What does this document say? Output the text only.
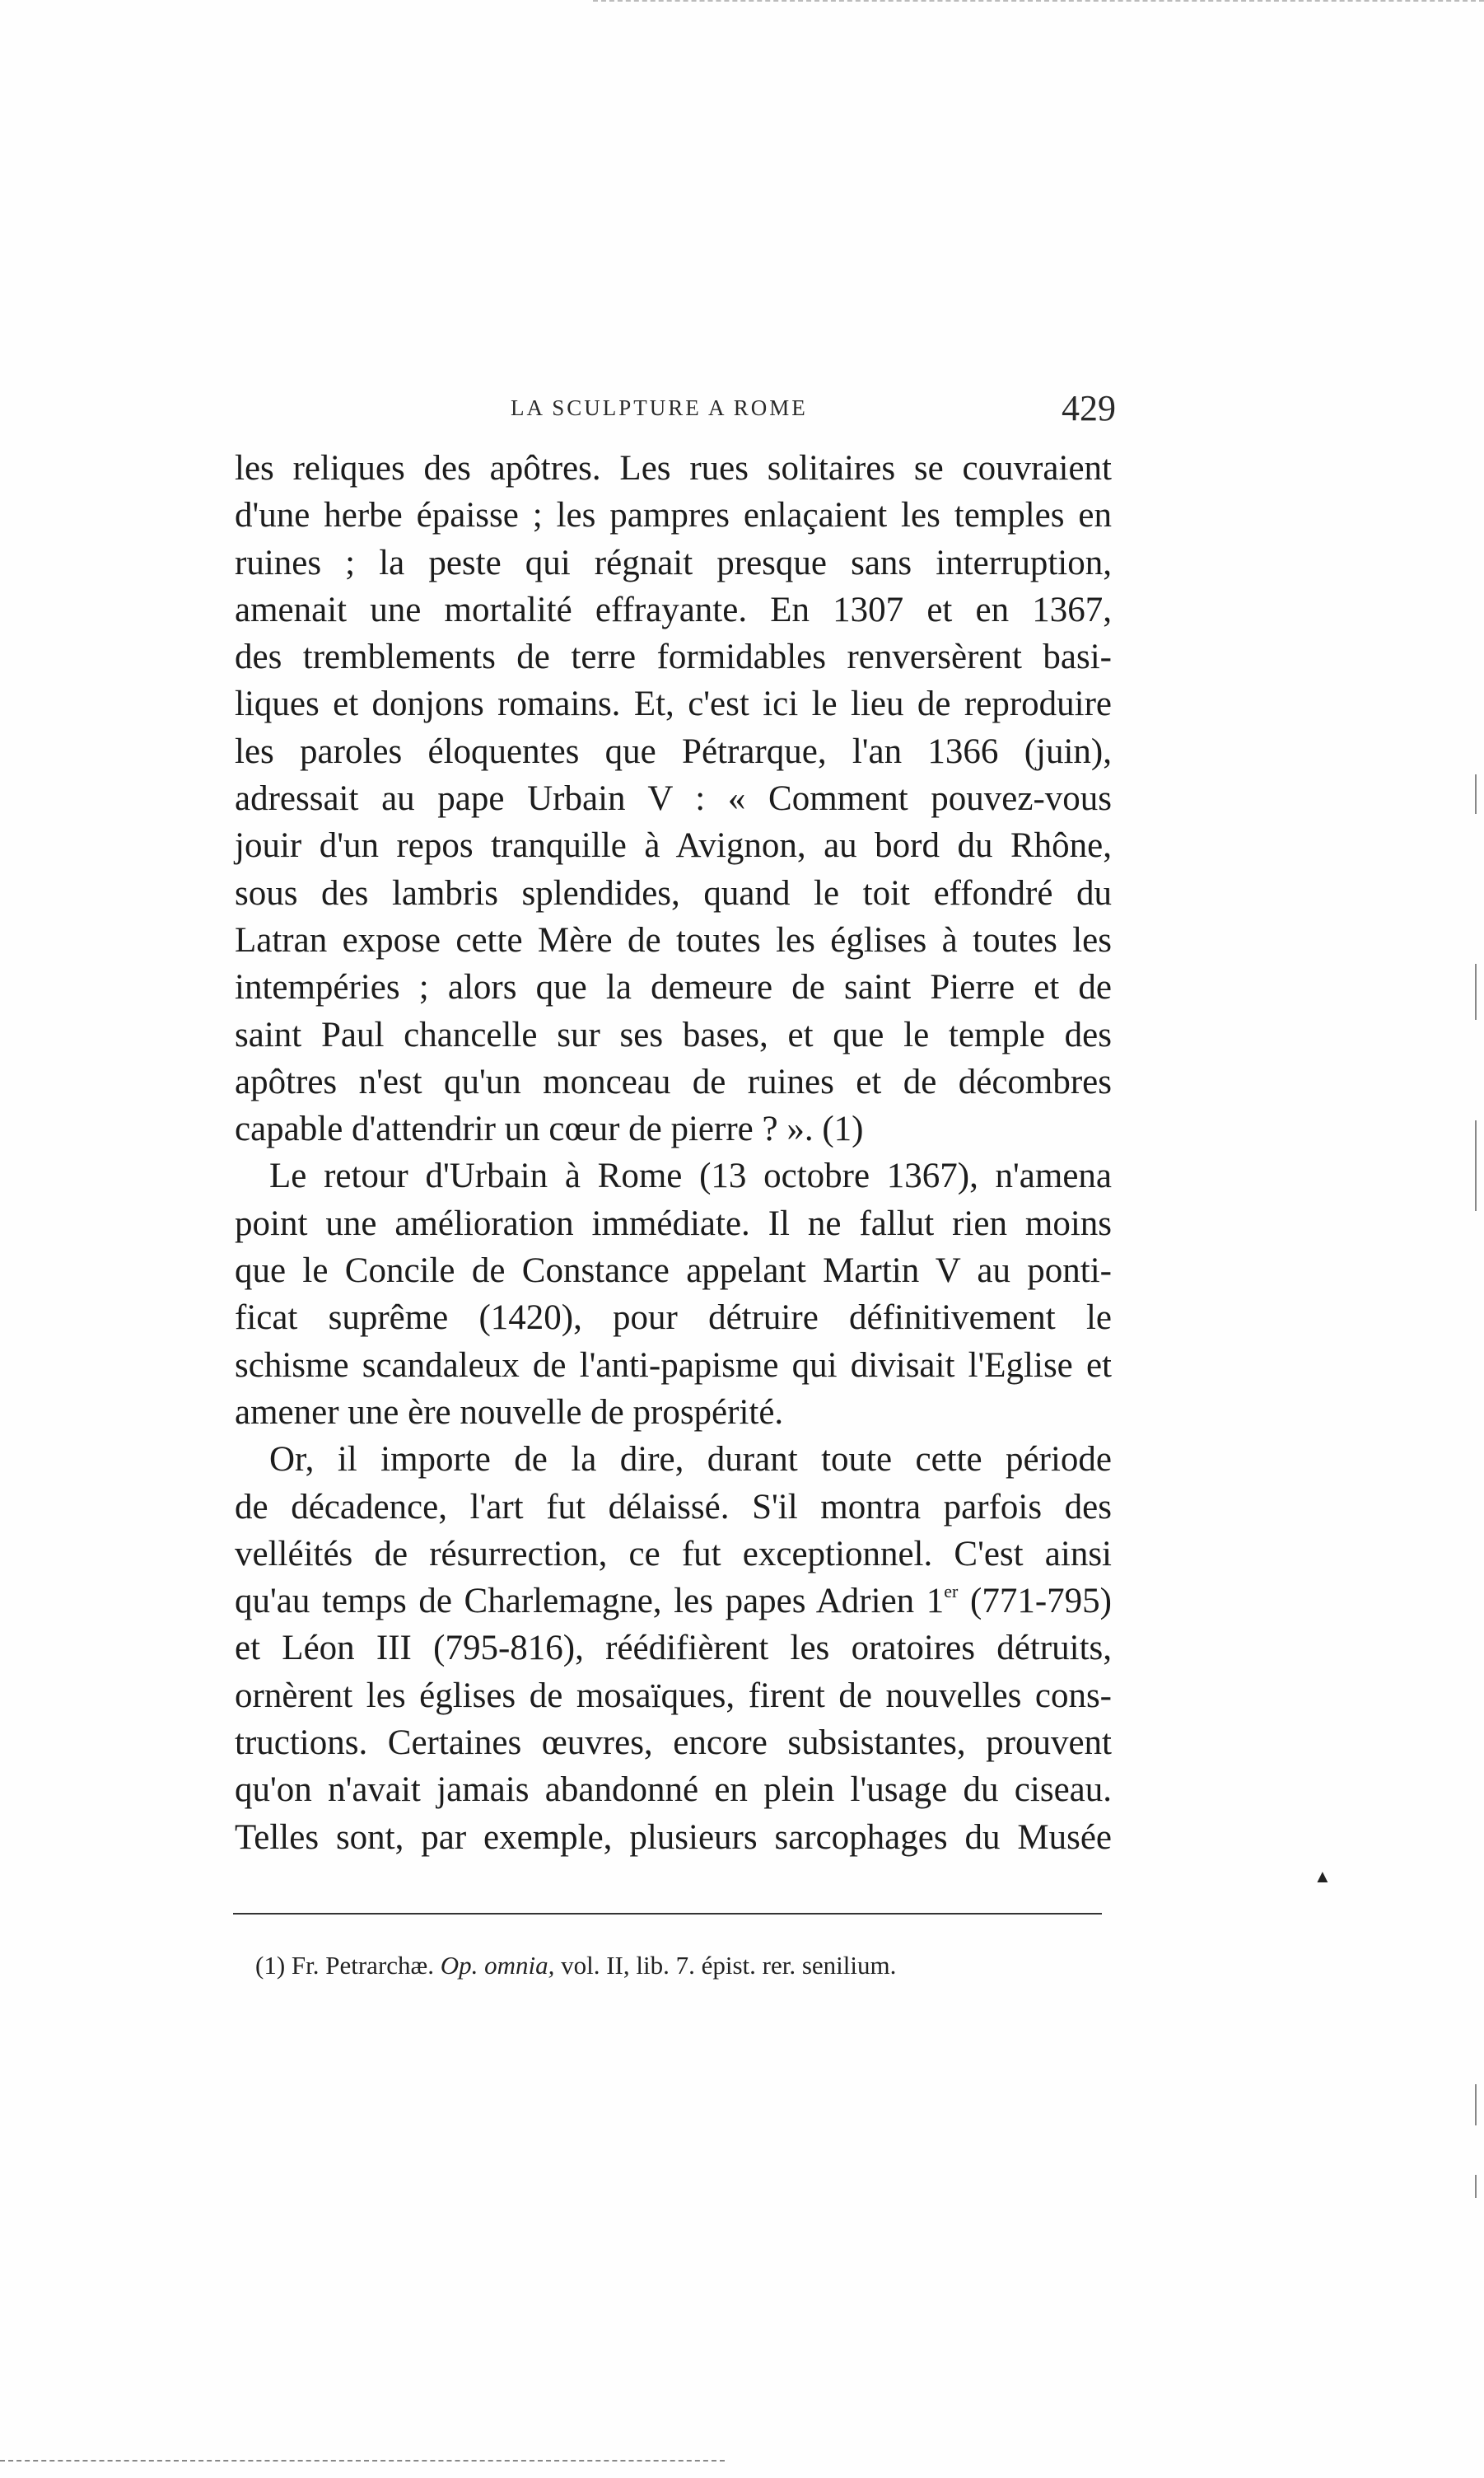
LA SCULPTURE A ROME	429
les reliques des apôtres. Les rues solitaires se couvraient
d'une herbe épaisse ; les pampres enlaçaient les temples en
ruines ; la peste qui régnait presque sans interruption,
amenait une mortalité effrayante. En 1307 et en 1367,
des tremblements de terre formidables renversèrent basi-
liques et donjons romains. Et, c'est ici le lieu de reproduire
les paroles éloquentes que Pétrarque, l'an 1366 (juin),
adressait au pape Urbain V : « Comment pouvez-vous
jouir d'un repos tranquille à Avignon, au bord du Rhône,
sous des lambris splendides, quand le toit effondré du
Latran expose cette Mère de toutes les églises à toutes les
intempéries ; alors que la demeure de saint Pierre et de
saint Paul chancelle sur ses bases, et que le temple des
apôtres n'est qu'un monceau de ruines et de décombres
capable d'attendrir un cœur de pierre ? ». (1)
Le retour d'Urbain à Rome (13 octobre 1367), n'amena
point une amélioration immédiate. Il ne fallut rien moins
que le Concile de Constance appelant Martin V au ponti-
ficat suprême (1420), pour détruire définitivement le
schisme scandaleux de l'anti-papisme qui divisait l'Eglise et
amener une ère nouvelle de prospérité.
Or, il importe de la dire, durant toute cette période
de décadence, l'art fut délaissé. S'il montra parfois des
velléités de résurrection, ce fut exceptionnel. C'est ainsi
qu'au temps de Charlemagne, les papes Adrien 1er (771-795)
et Léon III (795-816), réédifièrent les oratoires détruits,
ornèrent les églises de mosaïques, firent de nouvelles cons-
tructions. Certaines œuvres, encore subsistantes, prouvent
qu'on n'avait jamais abandonné en plein l'usage du ciseau.
Telles sont, par exemple, plusieurs sarcophages du Musée
(1) Fr. Petrarchæ. Op. omnia, vol. II, lib. 7. épist. rer. senilium.
▲
